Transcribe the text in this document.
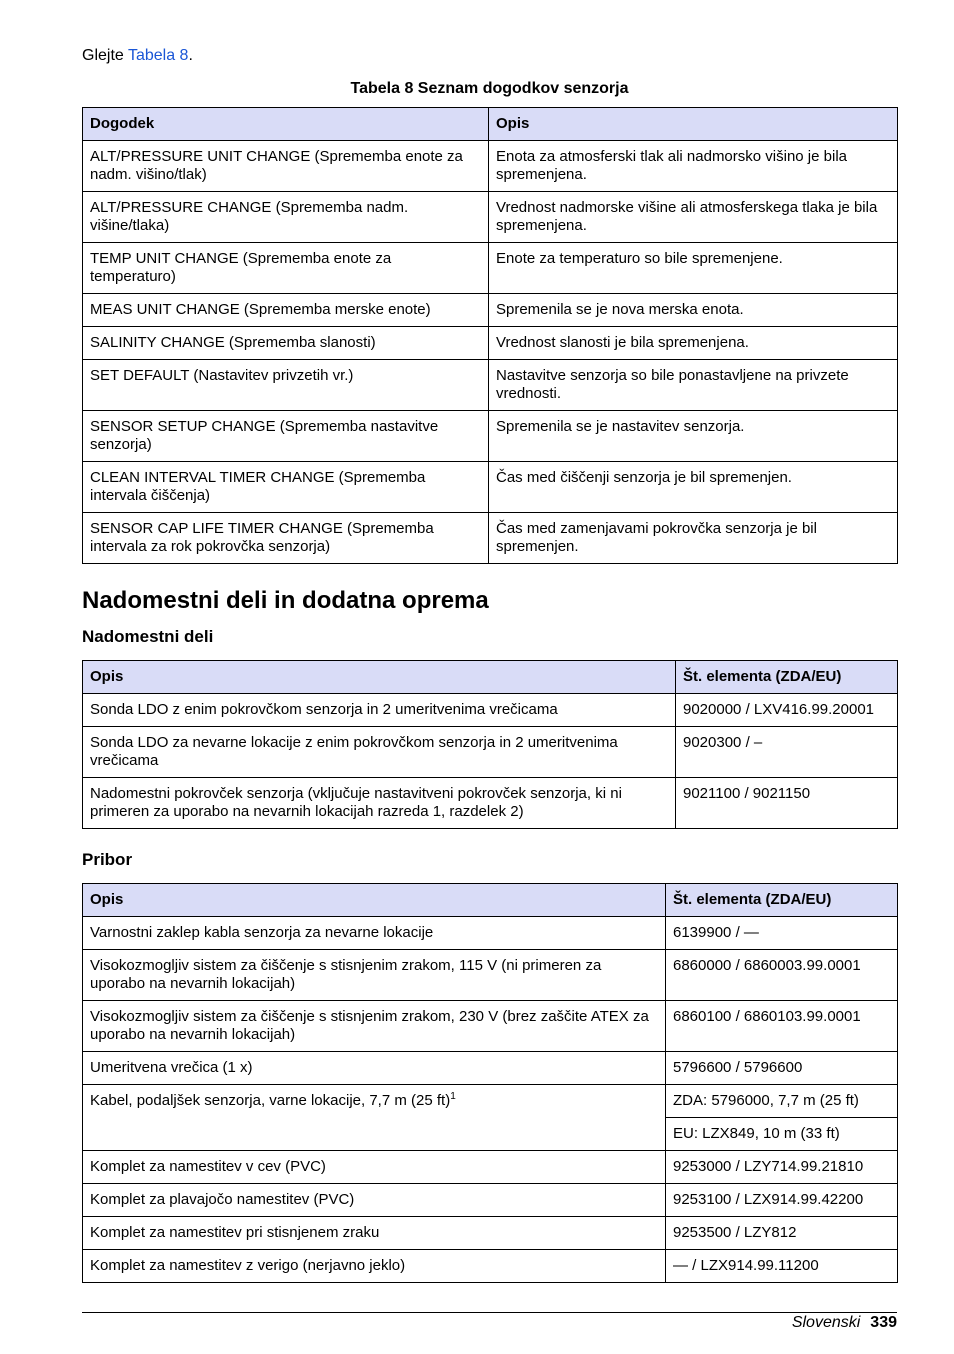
Glejte Tabela 8.
Tabela 8 Seznam dogodkov senzorja
Dogodek	Opis
ALT/PRESSURE UNIT CHANGE (Sprememba enote za nadm. višino/tlak)	Enota za atmosferski tlak ali nadmorsko višino je bila spremenjena.
ALT/PRESSURE CHANGE (Sprememba nadm. višine/tlaka)	Vrednost nadmorske višine ali atmosferskega tlaka je bila spremenjena.
TEMP UNIT CHANGE (Sprememba enote za temperaturo)	Enote za temperaturo so bile spremenjene.
MEAS UNIT CHANGE (Sprememba merske enote)	Spremenila se je nova merska enota.
SALINITY CHANGE (Sprememba slanosti)	Vrednost slanosti je bila spremenjena.
SET DEFAULT (Nastavitev privzetih vr.)	Nastavitve senzorja so bile ponastavljene na privzete vrednosti.
SENSOR SETUP CHANGE (Sprememba nastavitve senzorja)	Spremenila se je nastavitev senzorja.
CLEAN INTERVAL TIMER CHANGE (Sprememba intervala čiščenja)	Čas med čiščenji senzorja je bil spremenjen.
SENSOR CAP LIFE TIMER CHANGE (Sprememba intervala za rok pokrovčka senzorja)	Čas med zamenjavami pokrovčka senzorja je bil spremenjen.
Nadomestni deli in dodatna oprema
Nadomestni deli
Opis	Št. elementa (ZDA/EU)
Sonda LDO z enim pokrovčkom senzorja in 2 umeritvenima vrečicama	9020000 / LXV416.99.20001
Sonda LDO za nevarne lokacije z enim pokrovčkom senzorja in 2 umeritvenima vrečicama	9020300 / –
Nadomestni pokrovček senzorja (vključuje nastavitveni pokrovček senzorja, ki ni primeren za uporabo na nevarnih lokacijah razreda 1, razdelek 2)	9021100 / 9021150
Pribor
Opis	Št. elementa (ZDA/EU)
Varnostni zaklep kabla senzorja za nevarne lokacije	6139900 / —
Visokozmogljiv sistem za čiščenje s stisnjenim zrakom, 115 V (ni primeren za uporabo na nevarnih lokacijah)	6860000 / 6860003.99.0001
Visokozmogljiv sistem za čiščenje s stisnjenim zrakom, 230 V (brez zaščite ATEX za uporabo na nevarnih lokacijah)	6860100 / 6860103.99.0001
Umeritvena vrečica (1 x)	5796600 / 5796600
Kabel, podaljšek senzorja, varne lokacije, 7,7 m (25 ft)$^1$	ZDA: 5796000, 7,7 m (25 ft)
	EU: LZX849, 10 m (33 ft)
Komplet za namestitev v cev (PVC)	9253000 / LZY714.99.21810
Komplet za plavajočo namestitev (PVC)	9253100 / LZX914.99.42200
Komplet za namestitev pri stisnjenem zraku	9253500 / LZY812
Komplet za namestitev z verigo (nerjavno jeklo)	— / LZX914.99.11200
Slovenski 339
